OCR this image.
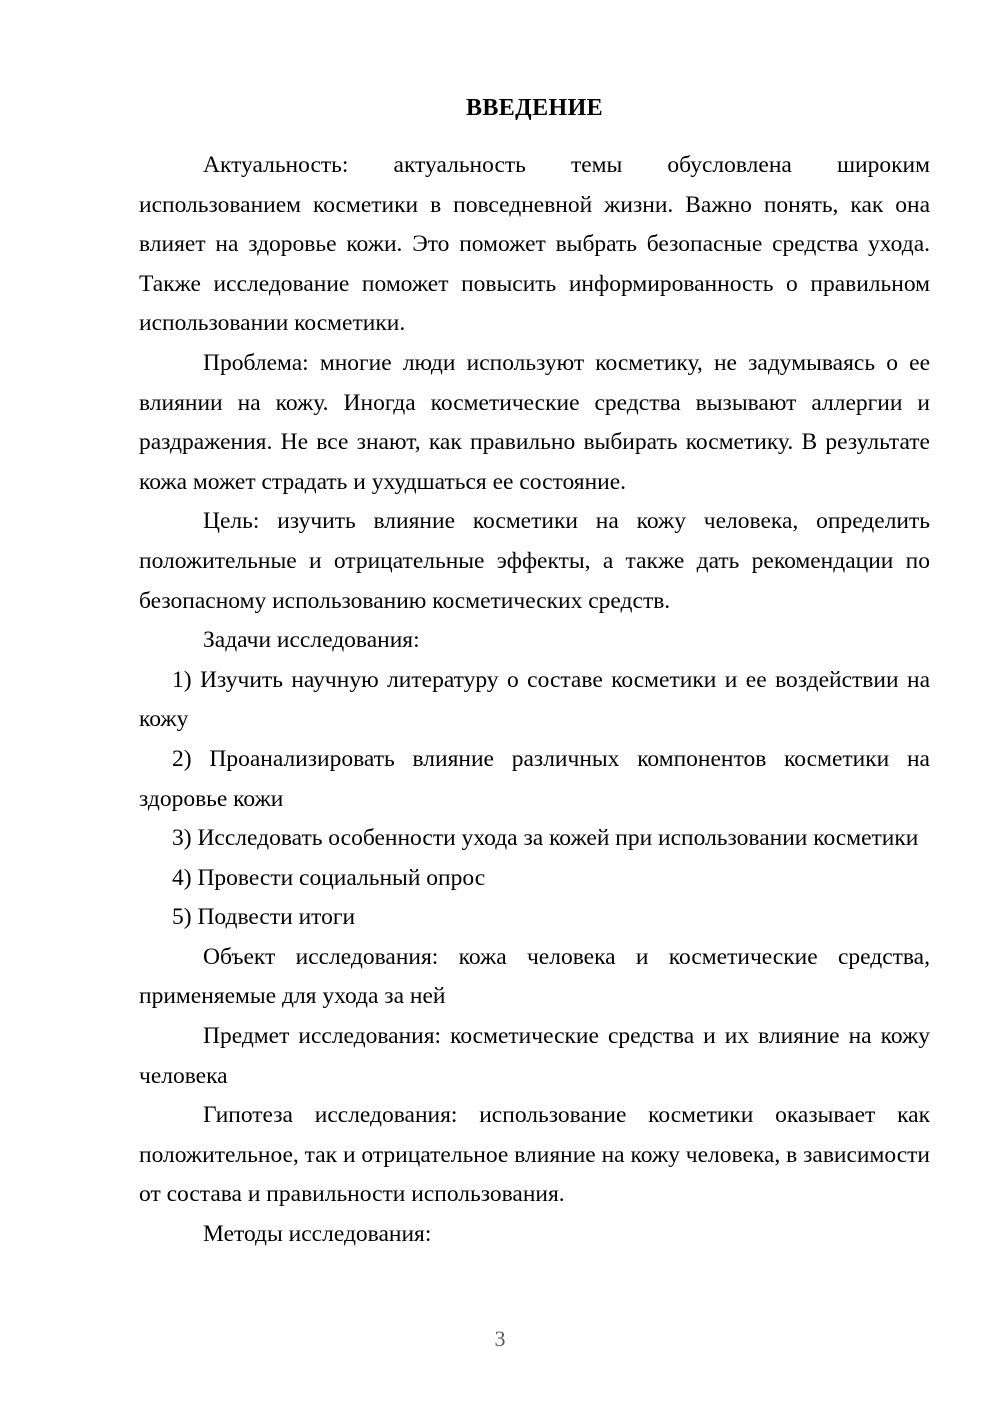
ВВЕДЕНИЕ

Актуальность: актуальность темы обусловлена широким использованием косметики в повседневной жизни. Важно понять, как она влияет на здоровье кожи. Это поможет выбрать безопасные средства ухода. Также исследование поможет повысить информированность о правильном использовании косметики.

Проблема: многие люди используют косметику, не задумываясь о ее влиянии на кожу. Иногда косметические средства вызывают аллергии и раздражения. Не все знают, как правильно выбирать косметику. В результате кожа может страдать и ухудшаться ее состояние.

Цель: изучить влияние косметики на кожу человека, определить положительные и отрицательные эффекты, а также дать рекомендации по безопасному использованию косметических средств.

Задачи исследования:

1) Изучить научную литературу о составе косметики и ее воздействии на кожу

2) Проанализировать влияние различных компонентов косметики на здоровье кожи

3) Исследовать особенности ухода за кожей при использовании косметики

4) Провести социальный опрос

5) Подвести итоги

Объект исследования: кожа человека и косметические средства, применяемые для ухода за ней

Предмет исследования: косметические средства и их влияние на кожу человека

Гипотеза исследования: использование косметики оказывает как положительное, так и отрицательное влияние на кожу человека, в зависимости от состава и правильности использования.

Методы исследования:

3
